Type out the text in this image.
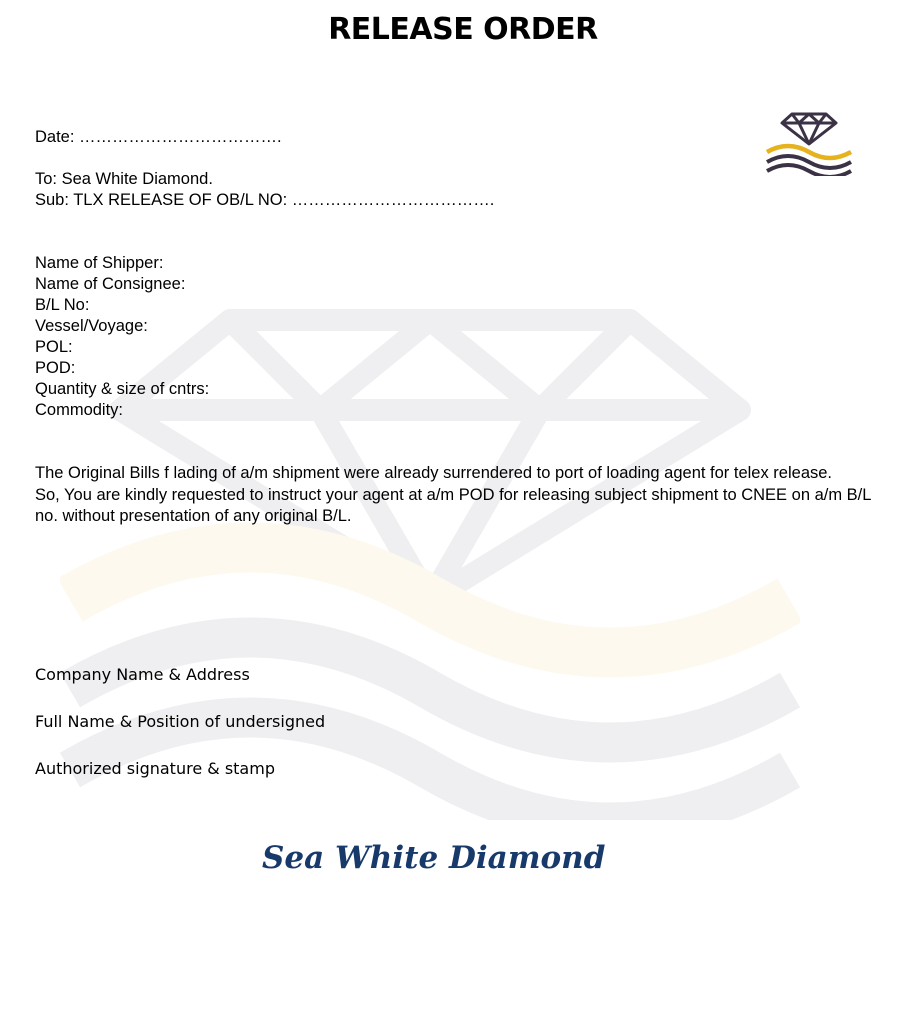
RELEASE ORDER
Date: ……………………………….
To: Sea White Diamond.
Sub: TLX RELEASE OF OB/L NO: ……………………………….
Name of Shipper:
Name of Consignee:
B/L No:
Vessel/Voyage:
POL:
POD:
Quantity & size of cntrs:
Commodity:

The Original Bills f lading of a/m shipment were already surrendered to port of loading agent for telex release.

So, You are kindly requested to instruct your agent at a/m POD for releasing subject shipment to CNEE on a/m B/L no. without presentation of any original B/L.

Company Name & Address
Full Name & Position of undersigned
Authorized signature & stamp
Sea White Diamond
